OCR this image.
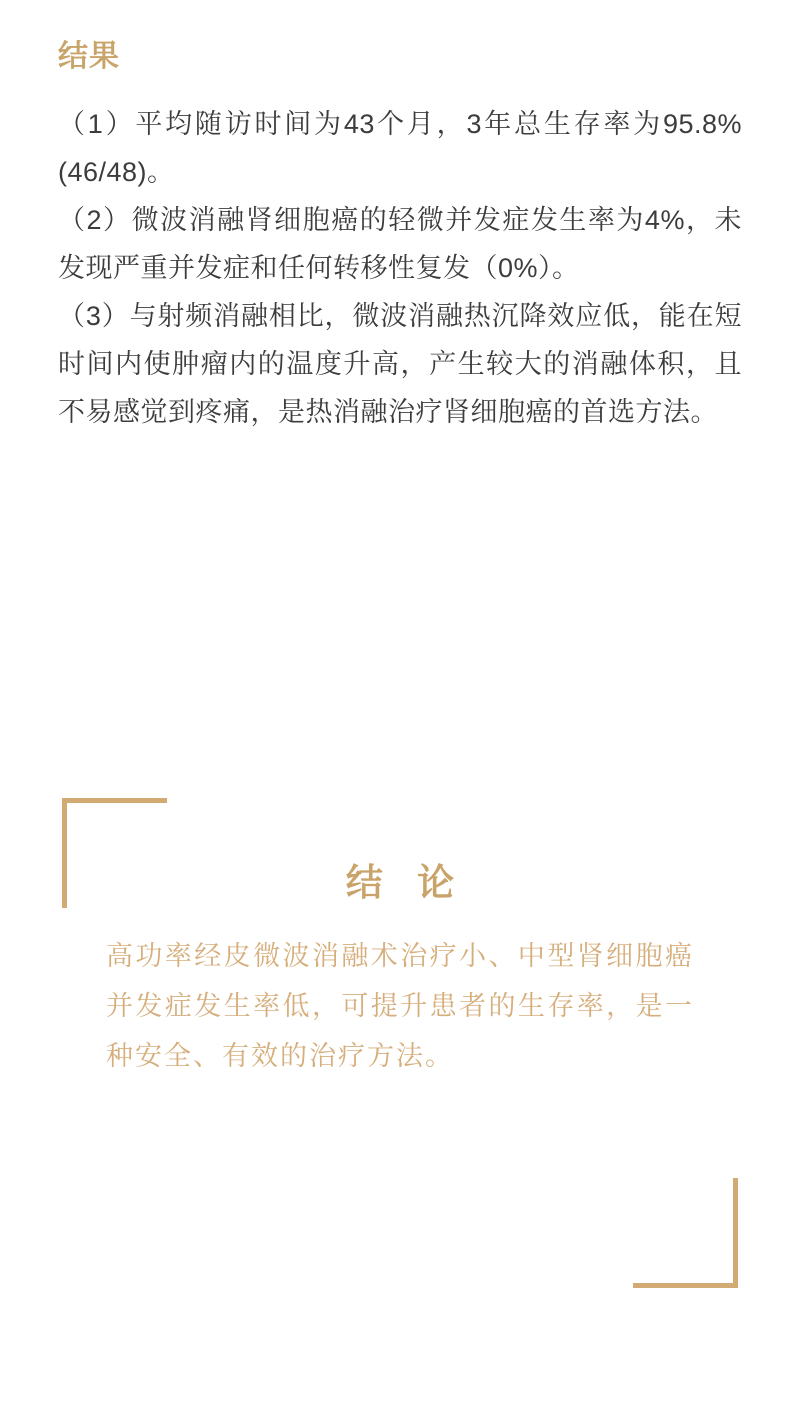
结果

（1）平均随访时间为43个月，3年总生存率为95.8%(46/48)。

（2）微波消融肾细胞癌的轻微并发症发生率为4%，未发现严重并发症和任何转移性复发（0%）。

（3）与射频消融相比，微波消融热沉降效应低，能在短时间内使肿瘤内的温度升高，产生较大的消融体积，且不易感觉到疼痛，是热消融治疗肾细胞癌的首选方法。

结 论

高功率经皮微波消融术治疗小、中型肾细胞癌并发症发生率低，可提升患者的生存率，是一种安全、有效的治疗方法。
